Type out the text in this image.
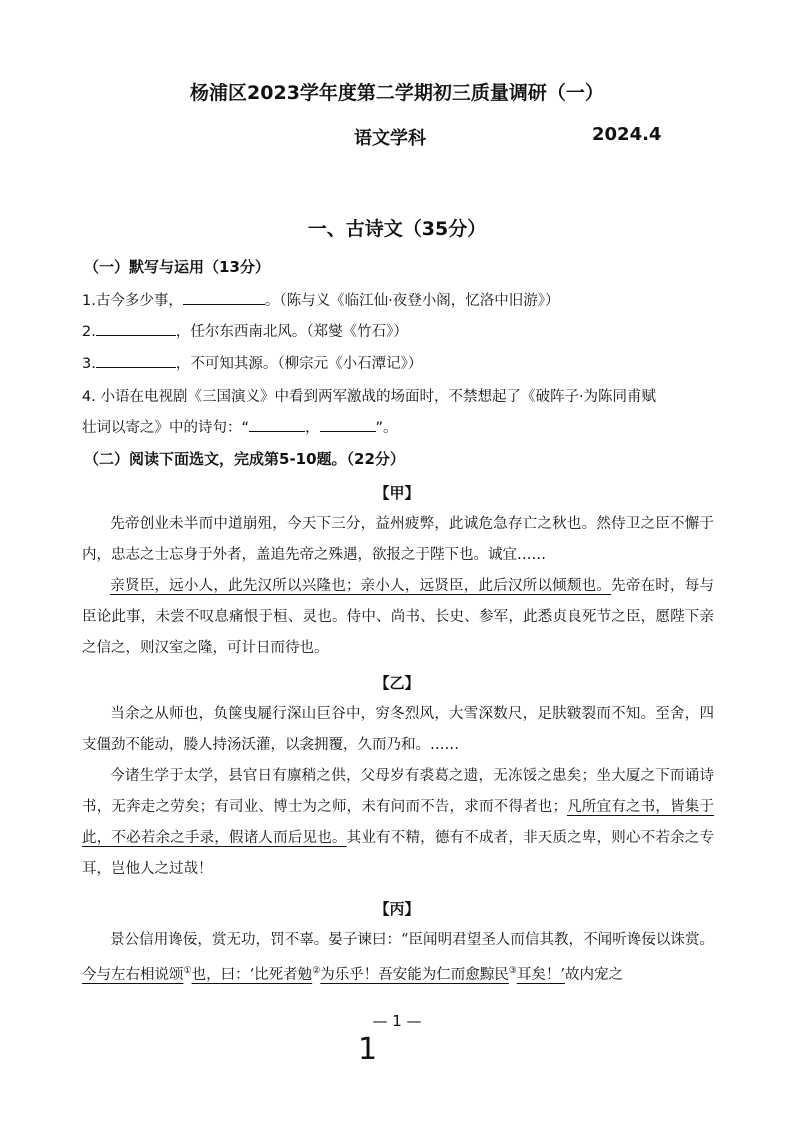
杨浦区2023学年度第二学期初三质量调研（一）
语文学科	2024.4
一、古诗文（35分）
（一）默写与运用（13分）
1.古今多少事，	。（陈与义《临江仙·夜登小阁，忆洛中旧游》）
2.	，任尔东西南北风。（郑燮《竹石》）
3.	，不可知其源。（柳宗元《小石潭记》）
4. 小语在电视剧《三国演义》中看到两军激战的场面时，不禁想起了《破阵子·为陈同甫赋
壮词以寄之》中的诗句：“	，	”。
（二）阅读下面选文，完成第5-10题。（22分）
【甲】
先帝创业未半而中道崩殂，今天下三分，益州疲弊，此诚危急存亡之秋也。然侍卫之臣不懈于内，忠志之士忘身于外者，盖追先帝之殊遇，欲报之于陛下也。诚宜……
亲贤臣，远小人，此先汉所以兴隆也；亲小人，远贤臣，此后汉所以倾颓也。先帝在时，每与臣论此事，未尝不叹息痛恨于桓、灵也。侍中、尚书、长史、参军，此悉贞良死节之臣，愿陛下亲之信之，则汉室之隆，可计日而待也。
【乙】
当余之从师也，负箧曳屣行深山巨谷中，穷冬烈风，大雪深数尺，足肤皲裂而不知。至舍，四支僵劲不能动，媵人持汤沃灌，以衾拥覆，久而乃和。……
今诸生学于太学，县官日有廪稍之供，父母岁有裘葛之遗，无冻馁之患矣；坐大厦之下而诵诗书，无奔走之劳矣；有司业、博士为之师，未有问而不告，求而不得者也；凡所宜有之书，皆集于此，不必若余之手录，假诸人而后见也。其业有不精，德有不成者，非天质之卑，则心不若余之专耳，岂他人之过哉！
【丙】
景公信用谗佞，赏无功，罚不辜。晏子谏曰：“臣闻明君望圣人而信其教，不闻听谗佞以诛赏。今与左右相说颂①也，曰：‘比死者勉②为乐乎！吾安能为仁而愈黥民③耳矣！’故内宠之
— 1 —
1
